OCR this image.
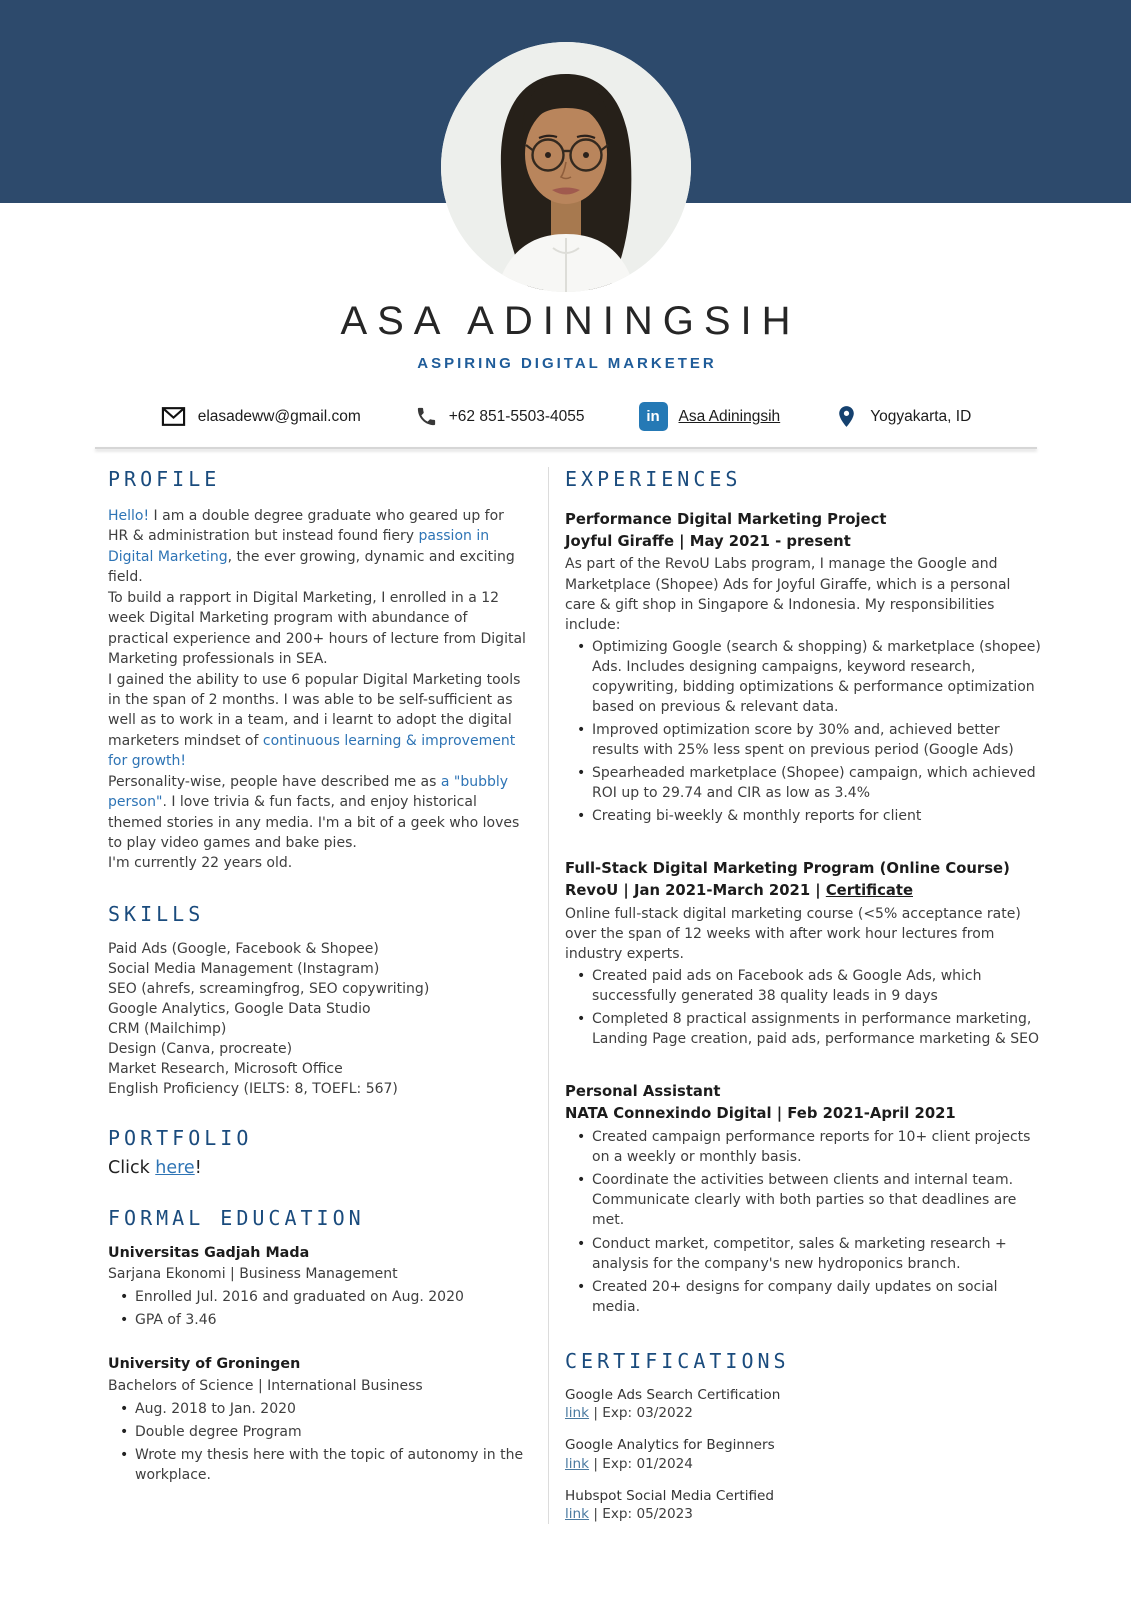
ASA ADININGSIH
ASPIRING DIGITAL MARKETER
elasadeww@gmail.com	+62 851-5503-4055	in	Asa Adiningsih	Yogyakarta, ID
PROFILE

Hello! I am a double degree graduate who geared up for HR & administration but instead found fiery passion in Digital Marketing, the ever growing, dynamic and exciting field.

To build a rapport in Digital Marketing, I enrolled in a 12 week Digital Marketing program with abundance of practical experience and 200+ hours of lecture from Digital Marketing professionals in SEA.

I gained the ability to use 6 popular Digital Marketing tools in the span of 2 months. I was able to be self-sufficient as well as to work in a team, and i learnt to adopt the digital marketers mindset of continuous learning & improvement for growth!

Personality-wise, people have described me as a "bubbly person". I love trivia & fun facts, and enjoy historical themed stories in any media. I'm a bit of a geek who loves to play video games and bake pies.

I'm currently 22 years old.

SKILLS
Paid Ads (Google, Facebook & Shopee)
Social Media Management (Instagram)
SEO (ahrefs, screamingfrog, SEO copywriting)
Google Analytics, Google Data Studio
CRM (Mailchimp)
Design (Canva, procreate)
Market Research, Microsoft Office
English Proficiency (IELTS: 8, TOEFL: 567)
PORTFOLIO
Click here!
FORMAL EDUCATION
Universitas Gadjah Mada
Sarjana Ekonomi | Business Management
• Enrolled Jul. 2016 and graduated on Aug. 2020
• GPA of 3.46
University of Groningen
Bachelors of Science | International Business
• Aug. 2018 to Jan. 2020
• Double degree Program
• Wrote my thesis here with the topic of autonomy in the workplace.
EXPERIENCES
Performance Digital Marketing Project
Joyful Giraffe | May 2021 - present
As part of the RevoU Labs program, I manage the Google and Marketplace (Shopee) Ads for Joyful Giraffe, which is a personal care & gift shop in Singapore & Indonesia. My responsibilities include:
• Optimizing Google (search & shopping) & marketplace (shopee) Ads. Includes designing campaigns, keyword research, copywriting, bidding optimizations & performance optimization based on previous & relevant data.
• Improved optimization score by 30% and, achieved better results with 25% less spent on previous period (Google Ads)
• Spearheaded marketplace (Shopee) campaign, which achieved ROI up to 29.74 and CIR as low as 3.4%
• Creating bi-weekly & monthly reports for client
Full-Stack Digital Marketing Program (Online Course)
RevoU | Jan 2021-March 2021 | Certificate
Online full-stack digital marketing course (<5% acceptance rate) over the span of 12 weeks with after work hour lectures from industry experts.
• Created paid ads on Facebook ads & Google Ads, which successfully generated 38 quality leads in 9 days
• Completed 8 practical assignments in performance marketing, Landing Page creation, paid ads, performance marketing & SEO
Personal Assistant
NATA Connexindo Digital | Feb 2021-April 2021
• Created campaign performance reports for 10+ client projects on a weekly or monthly basis.
• Coordinate the activities between clients and internal team. Communicate clearly with both parties so that deadlines are met.
• Conduct market, competitor, sales & marketing research + analysis for the company's new hydroponics branch.
• Created 20+ designs for company daily updates on social media.
CERTIFICATIONS
Google Ads Search Certification
link | Exp: 03/2022
Google Analytics for Beginners
link | Exp: 01/2024
Hubspot Social Media Certified
link | Exp: 05/2023
